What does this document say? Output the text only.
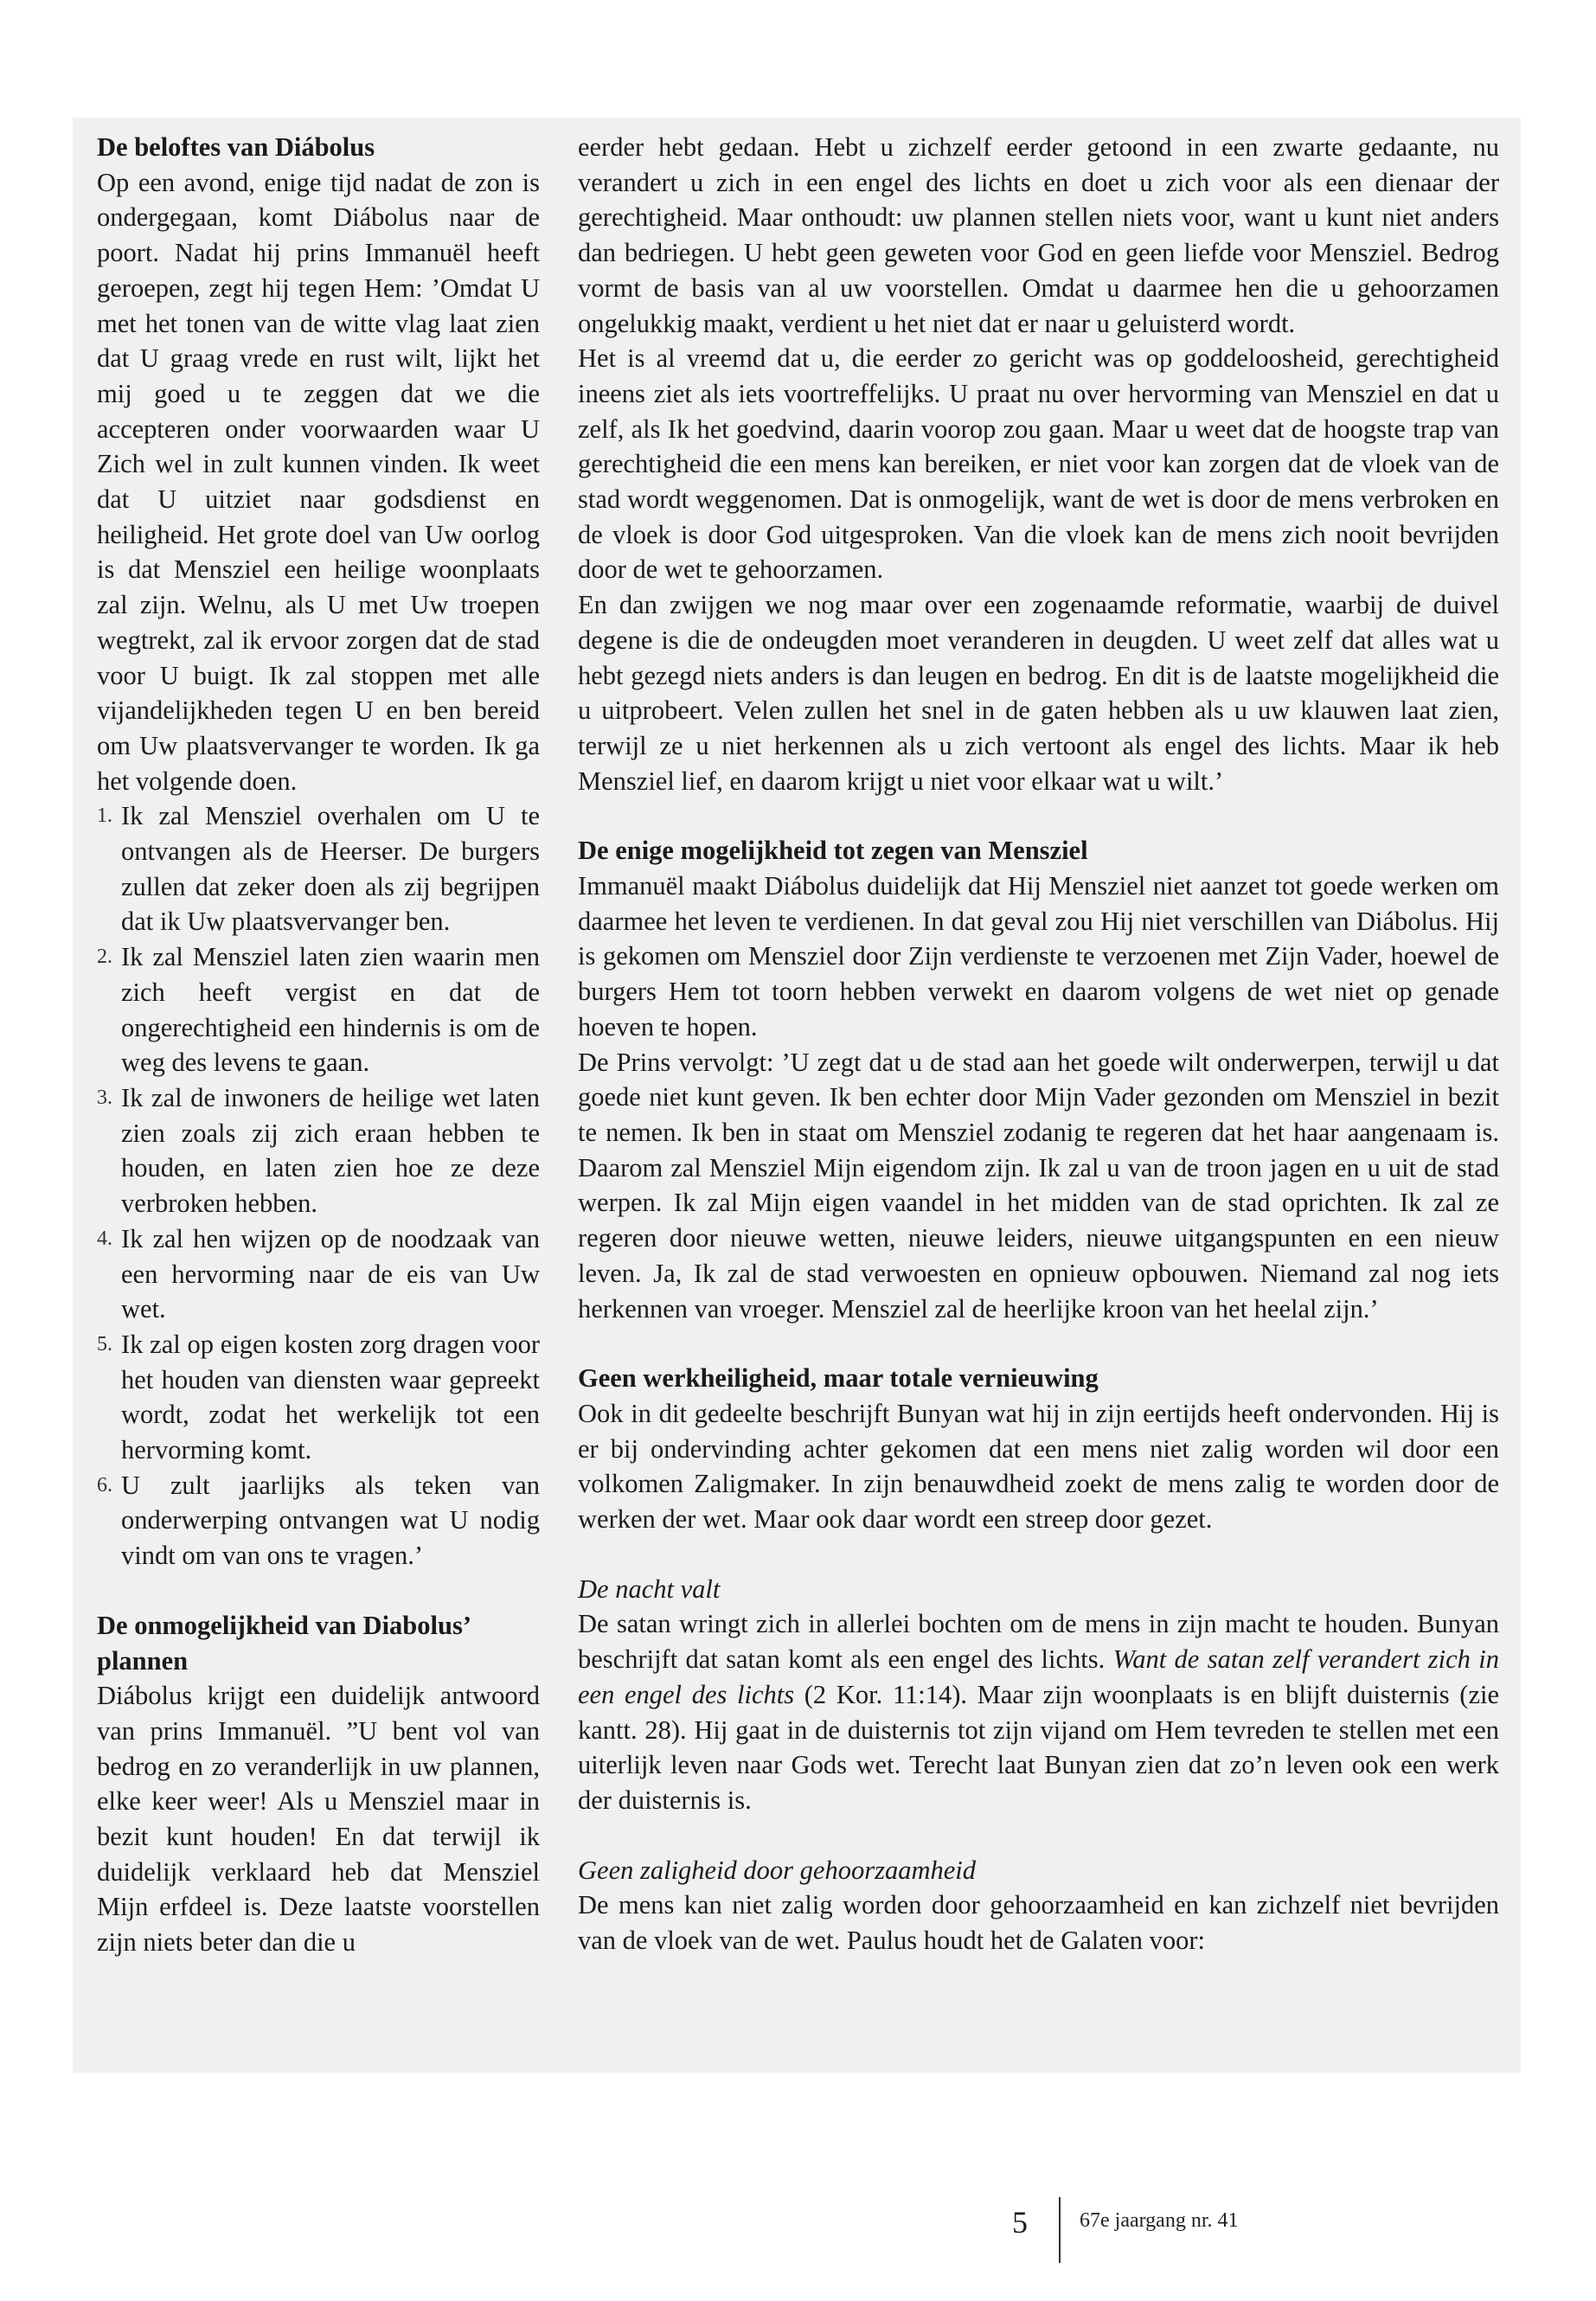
De beloftes van Diábolus

Op een avond, enige tijd nadat de zon is ondergegaan, komt Diábolus naar de poort. Nadat hij prins Immanuël heeft geroepen, zegt hij tegen Hem: ’Omdat U met het tonen van de witte vlag laat zien dat U graag vrede en rust wilt, lijkt het mij goed u te zeggen dat we die accepteren onder voorwaarden waar U Zich wel in zult kunnen vinden. Ik weet dat U uitziet naar godsdienst en heiligheid. Het grote doel van Uw oorlog is dat Mensziel een heilige woonplaats zal zijn. Welnu, als U met Uw troepen wegtrekt, zal ik ervoor zorgen dat de stad voor U buigt. Ik zal stoppen met alle vijandelijkheden tegen U en ben bereid om Uw plaatsvervanger te worden. Ik ga het volgende doen.

1. Ik zal Mensziel overhalen om U te ontvangen als de Heerser. De burgers zullen dat zeker doen als zij begrijpen dat ik Uw plaatsvervanger ben.
2. Ik zal Mensziel laten zien waarin men zich heeft vergist en dat de ongerechtigheid een hindernis is om de weg des levens te gaan.
3. Ik zal de inwoners de heilige wet laten zien zoals zij zich eraan hebben te houden, en laten zien hoe ze deze verbroken hebben.
4. Ik zal hen wijzen op de noodzaak van een hervorming naar de eis van Uw wet.
5. Ik zal op eigen kosten zorg dragen voor het houden van diensten waar gepreekt wordt, zodat het werkelijk tot een hervorming komt.
6. U zult jaarlijks als teken van onderwerping ontvangen wat U nodig vindt om van ons te vragen.’
De onmogelijkheid van Diabolus’ plannen

Diábolus krijgt een duidelijk antwoord van prins Immanuël. ”U bent vol van bedrog en zo veranderlijk in uw plannen, elke keer weer! Als u Mensziel maar in bezit kunt houden! En dat terwijl ik duidelijk verklaard heb dat Mensziel Mijn erfdeel is. Deze laatste voorstellen zijn niets beter dan die u

eerder hebt gedaan. Hebt u zichzelf eerder getoond in een zwarte gedaante, nu verandert u zich in een engel des lichts en doet u zich voor als een dienaar der gerechtigheid. Maar onthoudt: uw plannen stellen niets voor, want u kunt niet anders dan bedriegen. U hebt geen geweten voor God en geen liefde voor Mensziel. Bedrog vormt de basis van al uw voorstellen. Omdat u daarmee hen die u gehoorzamen ongelukkig maakt, verdient u het niet dat er naar u geluisterd wordt.

Het is al vreemd dat u, die eerder zo gericht was op goddeloosheid, gerechtigheid ineens ziet als iets voortreffelijks. U praat nu over hervorming van Mensziel en dat u zelf, als Ik het goedvind, daarin voorop zou gaan. Maar u weet dat de hoogste trap van gerechtigheid die een mens kan bereiken, er niet voor kan zorgen dat de vloek van de stad wordt weggenomen. Dat is onmogelijk, want de wet is door de mens verbroken en de vloek is door God uitgesproken. Van die vloek kan de mens zich nooit bevrijden door de wet te gehoorzamen.

En dan zwijgen we nog maar over een zogenaamde reformatie, waarbij de duivel degene is die de ondeugden moet veranderen in deugden. U weet zelf dat alles wat u hebt gezegd niets anders is dan leugen en bedrog. En dit is de laatste mogelijkheid die u uitprobeert. Velen zullen het snel in de gaten hebben als u uw klauwen laat zien, terwijl ze u niet herkennen als u zich vertoont als engel des lichts. Maar ik heb Mensziel lief, en daarom krijgt u niet voor elkaar wat u wilt.’

De enige mogelijkheid tot zegen van Mensziel

Immanuël maakt Diábolus duidelijk dat Hij Mensziel niet aanzet tot goede werken om daarmee het leven te verdienen. In dat geval zou Hij niet verschillen van Diábolus. Hij is gekomen om Mensziel door Zijn verdienste te verzoenen met Zijn Vader, hoewel de burgers Hem tot toorn hebben verwekt en daarom volgens de wet niet op genade hoeven te hopen.

De Prins vervolgt: ’U zegt dat u de stad aan het goede wilt onderwerpen, terwijl u dat goede niet kunt geven. Ik ben echter door Mijn Vader gezonden om Mensziel in bezit te nemen. Ik ben in staat om Mensziel zodanig te regeren dat het haar aangenaam is. Daarom zal Mensziel Mijn eigendom zijn. Ik zal u van de troon jagen en u uit de stad werpen. Ik zal Mijn eigen vaandel in het midden van de stad oprichten. Ik zal ze regeren door nieuwe wetten, nieuwe leiders, nieuwe uitgangspunten en een nieuw leven. Ja, Ik zal de stad verwoesten en opnieuw opbouwen. Niemand zal nog iets herkennen van vroeger. Mensziel zal de heerlijke kroon van het heelal zijn.’

Geen werkheiligheid, maar totale vernieuwing

Ook in dit gedeelte beschrijft Bunyan wat hij in zijn eertijds heeft ondervonden. Hij is er bij ondervinding achter gekomen dat een mens niet zalig worden wil door een volkomen Zaligmaker. In zijn benauwdheid zoekt de mens zalig te worden door de werken der wet. Maar ook daar wordt een streep door gezet.

De nacht valt

De satan wringt zich in allerlei bochten om de mens in zijn macht te houden. Bunyan beschrijft dat satan komt als een engel des lichts. Want de satan zelf verandert zich in een engel des lichts (2 Kor. 11:14). Maar zijn woonplaats is en blijft duisternis (zie kantt. 28). Hij gaat in de duisternis tot zijn vijand om Hem tevreden te stellen met een uiterlijk leven naar Gods wet. Terecht laat Bunyan zien dat zo’n leven ook een werk der duisternis is.

Geen zaligheid door gehoorzaamheid

De mens kan niet zalig worden door gehoorzaamheid en kan zichzelf niet bevrijden van de vloek van de wet. Paulus houdt het de Galaten voor:

5	67e jaargang nr. 41
